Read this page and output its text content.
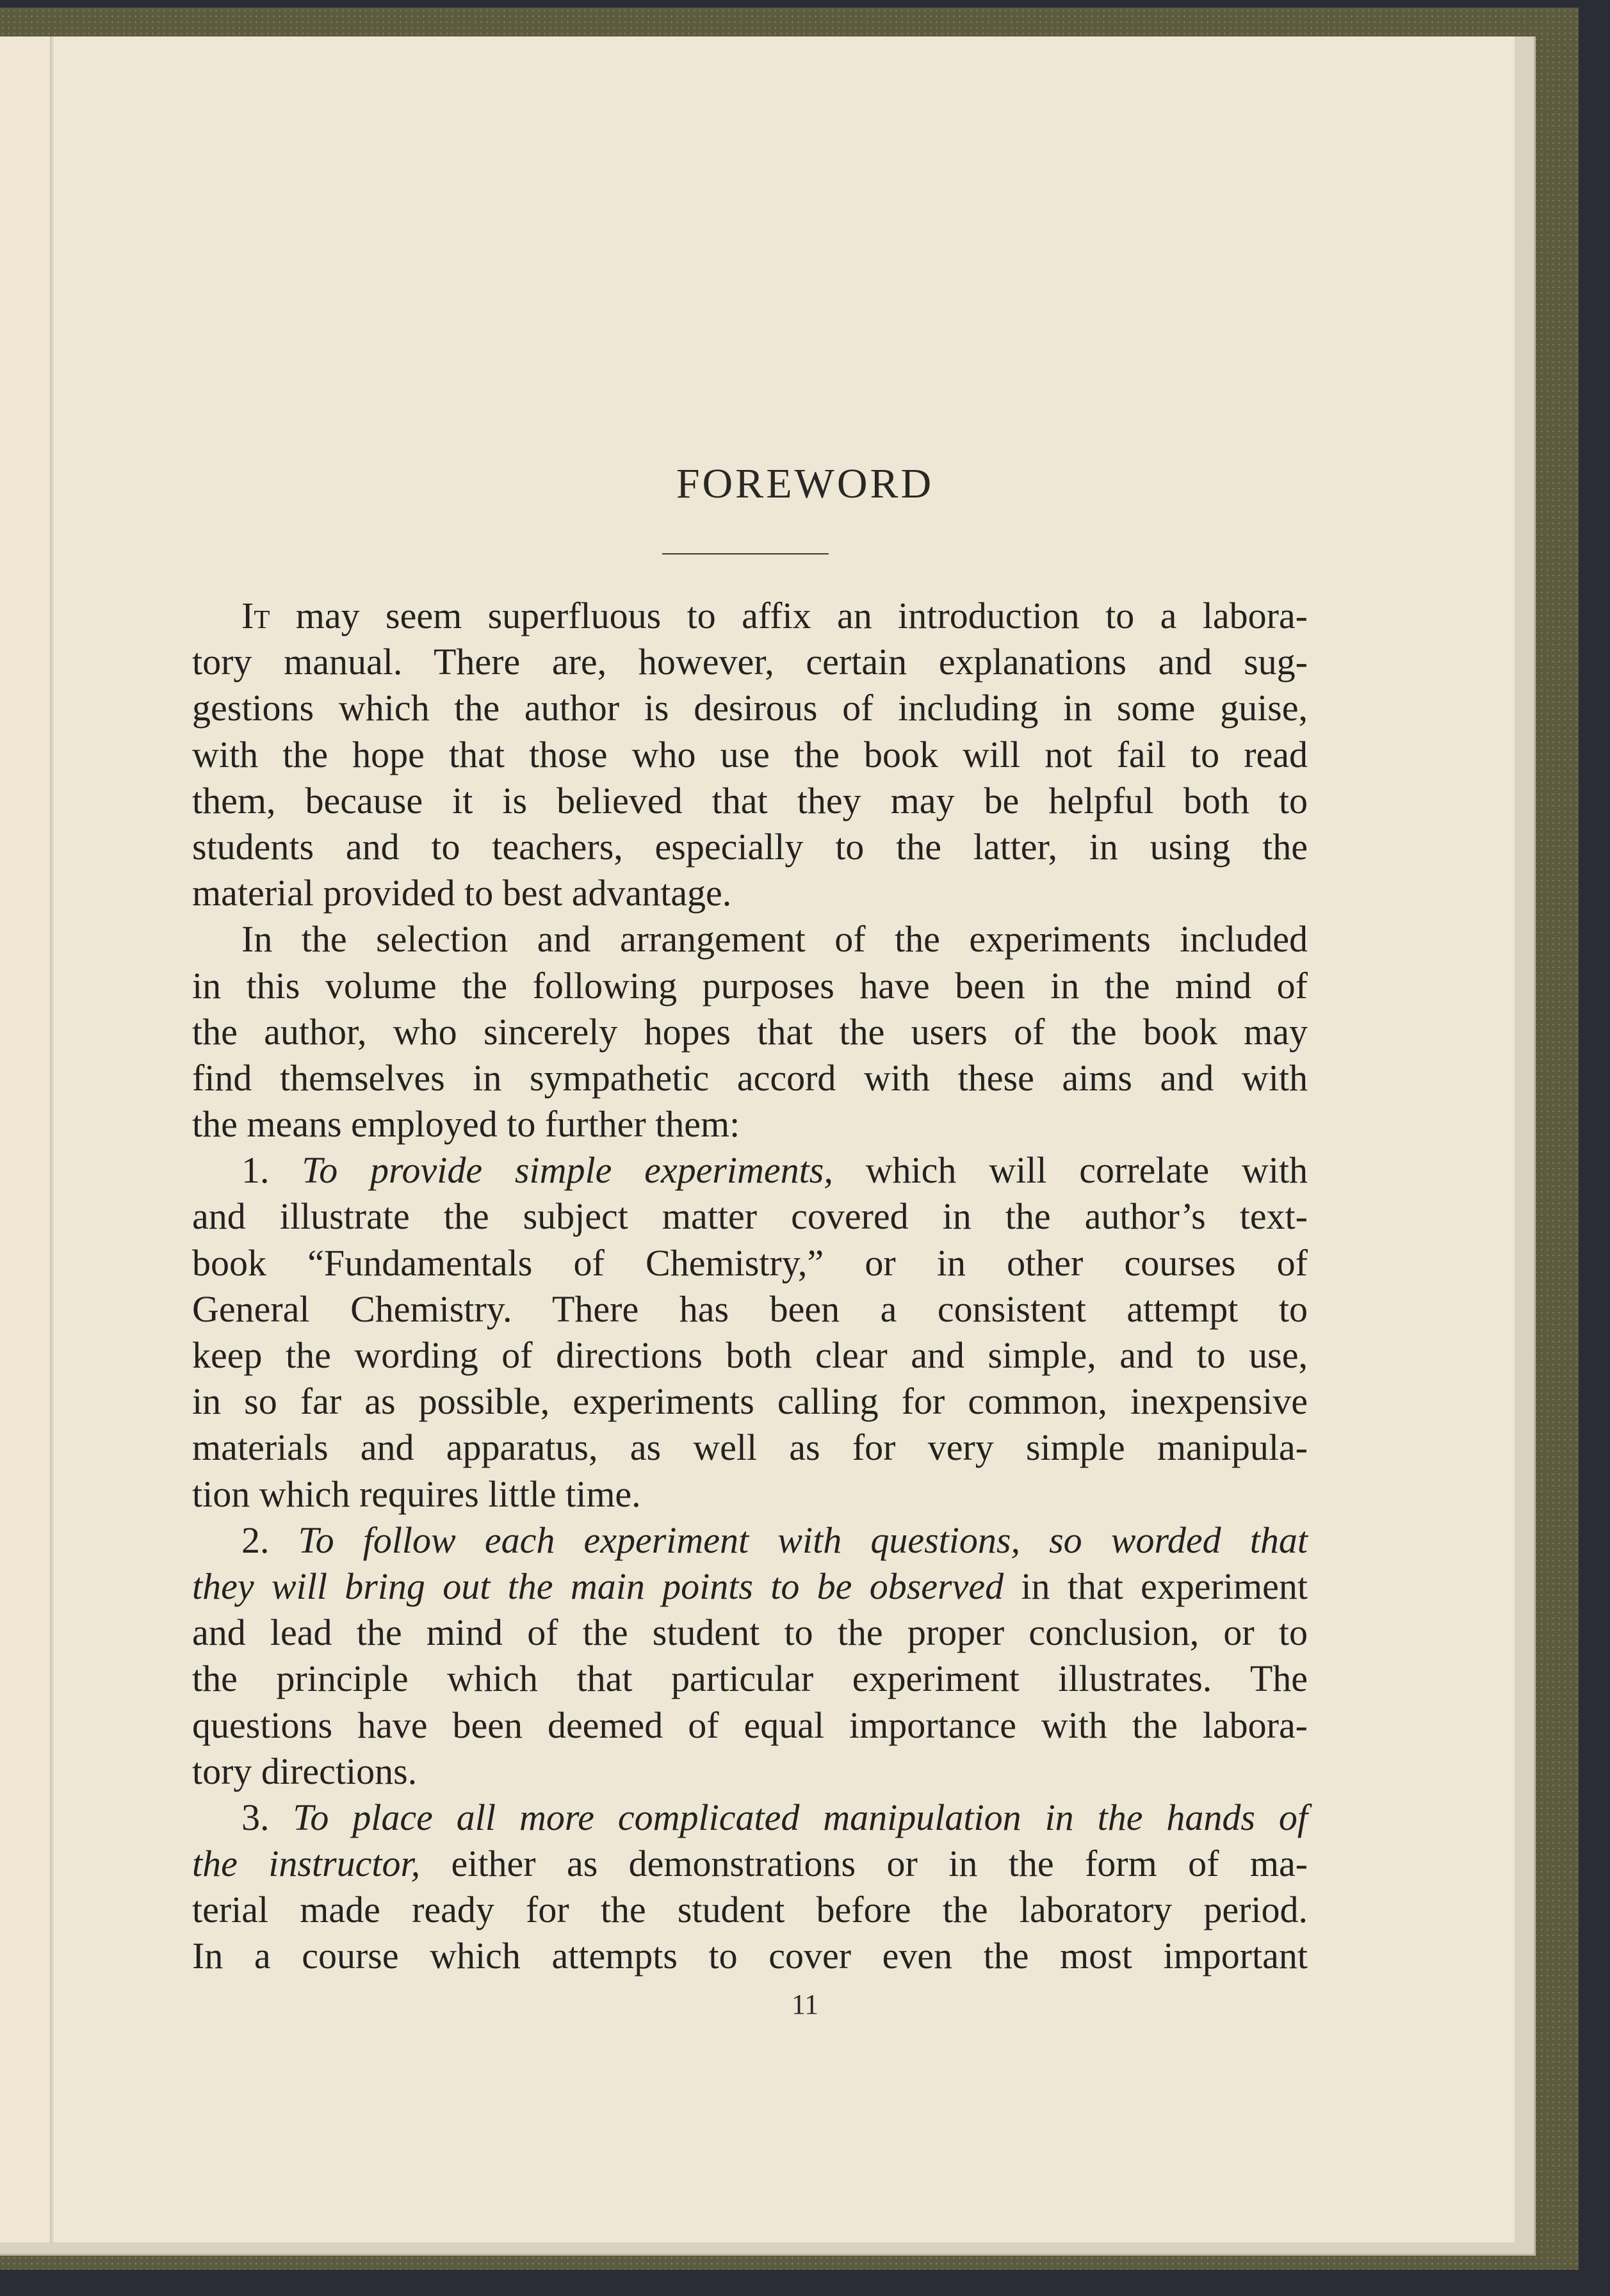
FOREWORD
It may seem superfluous to affix an introduction to a labora-
tory manual. There are, however, certain explanations and sug-
gestions which the author is desirous of including in some guise,
with the hope that those who use the book will not fail to read
them, because it is believed that they may be helpful both to
students and to teachers, especially to the latter, in using the
material provided to best advantage.
In the selection and arrangement of the experiments included
in this volume the following purposes have been in the mind of
the author, who sincerely hopes that the users of the book may
find themselves in sympathetic accord with these aims and with
the means employed to further them:
1. To provide simple experiments, which will correlate with
and illustrate the subject matter covered in the author’s text-
book “Fundamentals of Chemistry,” or in other courses of
General Chemistry. There has been a consistent attempt to
keep the wording of directions both clear and simple, and to use,
in so far as possible, experiments calling for common, inexpensive
materials and apparatus, as well as for very simple manipula-
tion which requires little time.
2. To follow each experiment with questions, so worded that
they will bring out the main points to be observed in that experiment
and lead the mind of the student to the proper conclusion, or to
the principle which that particular experiment illustrates. The
questions have been deemed of equal importance with the labora-
tory directions.
3. To place all more complicated manipulation in the hands of
the instructor, either as demonstrations or in the form of ma-
terial made ready for the student before the laboratory period.
In a course which attempts to cover even the most important
11
